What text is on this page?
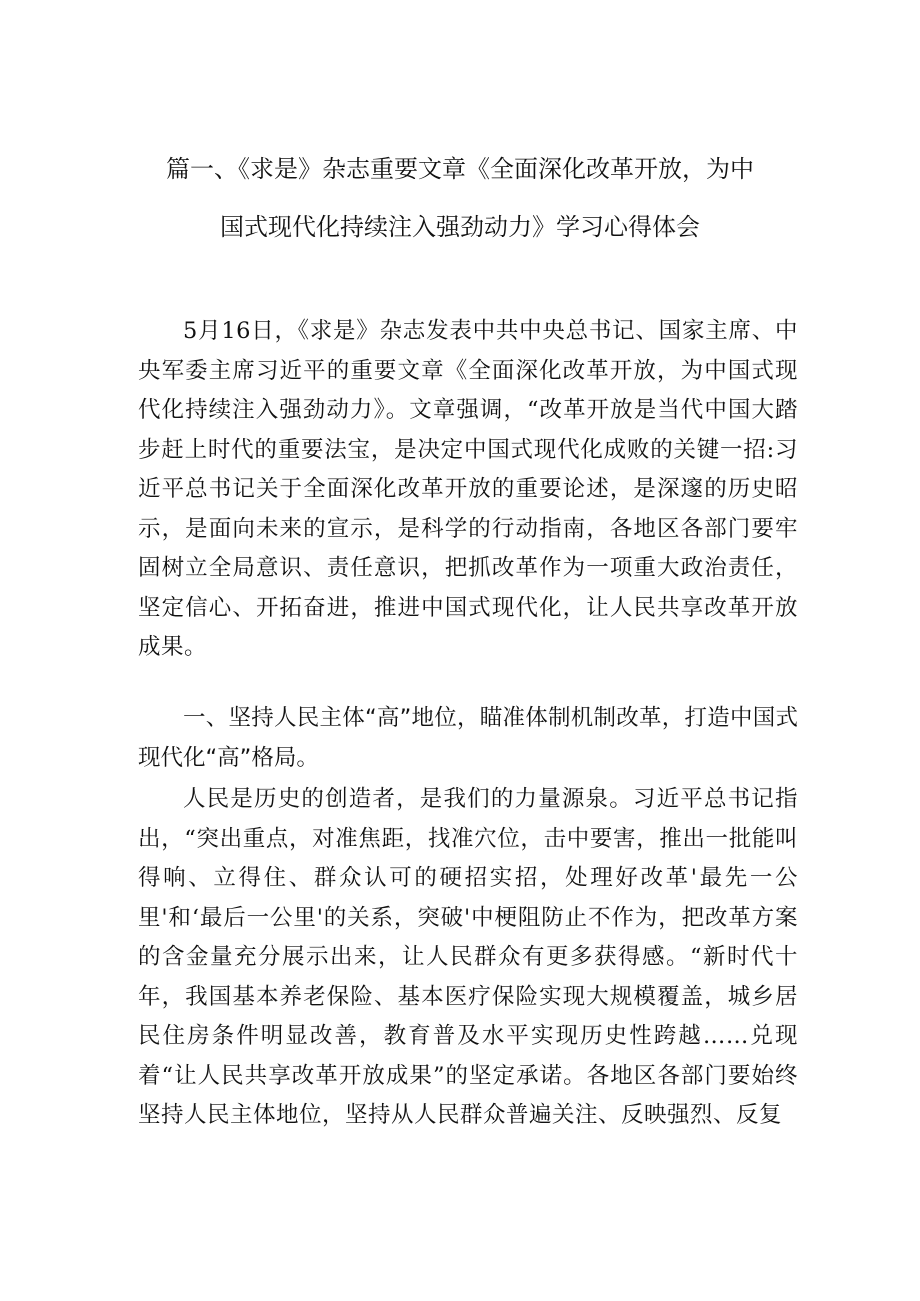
篇一、《求是》杂志重要文章《全面深化改革开放，为中
国式现代化持续注入强劲动力》学习心得体会

5月16日，《求是》杂志发表中共中央总书记、国家主席、中央军委主席习近平的重要文章《全面深化改革开放，为中国式现代化持续注入强劲动力》。文章强调，“改革开放是当代中国大踏步赶上时代的重要法宝，是决定中国式现代化成败的关键一招:习近平总书记关于全面深化改革开放的重要论述，是深邃的历史昭示，是面向未来的宣示，是科学的行动指南，各地区各部门要牢固树立全局意识、责任意识，把抓改革作为一项重大政治责任，坚定信心、开拓奋进，推进中国式现代化，让人民共享改革开放成果。

一、坚持人民主体“高”地位，瞄准体制机制改革，打造中国式现代化“高”格局。

人民是历史的创造者，是我们的力量源泉。习近平总书记指出，“突出重点，对准焦距，找准穴位，击中要害，推出一批能叫得响、立得住、群众认可的硬招实招，处理好改革'最先一公里'和‘最后一公里'的关系，突破'中梗阻防止不作为，把改革方案的含金量充分展示出来，让人民群众有更多获得感。“新时代十年，我国基本养老保险、基本医疗保险实现大规模覆盖，城乡居民住房条件明显改善，教育普及水平实现历史性跨越……兑现着“让人民共享改革开放成果”的坚定承诺。各地区各部门要始终坚持人民主体地位，坚持从人民群众普遍关注、反映强烈、反复
